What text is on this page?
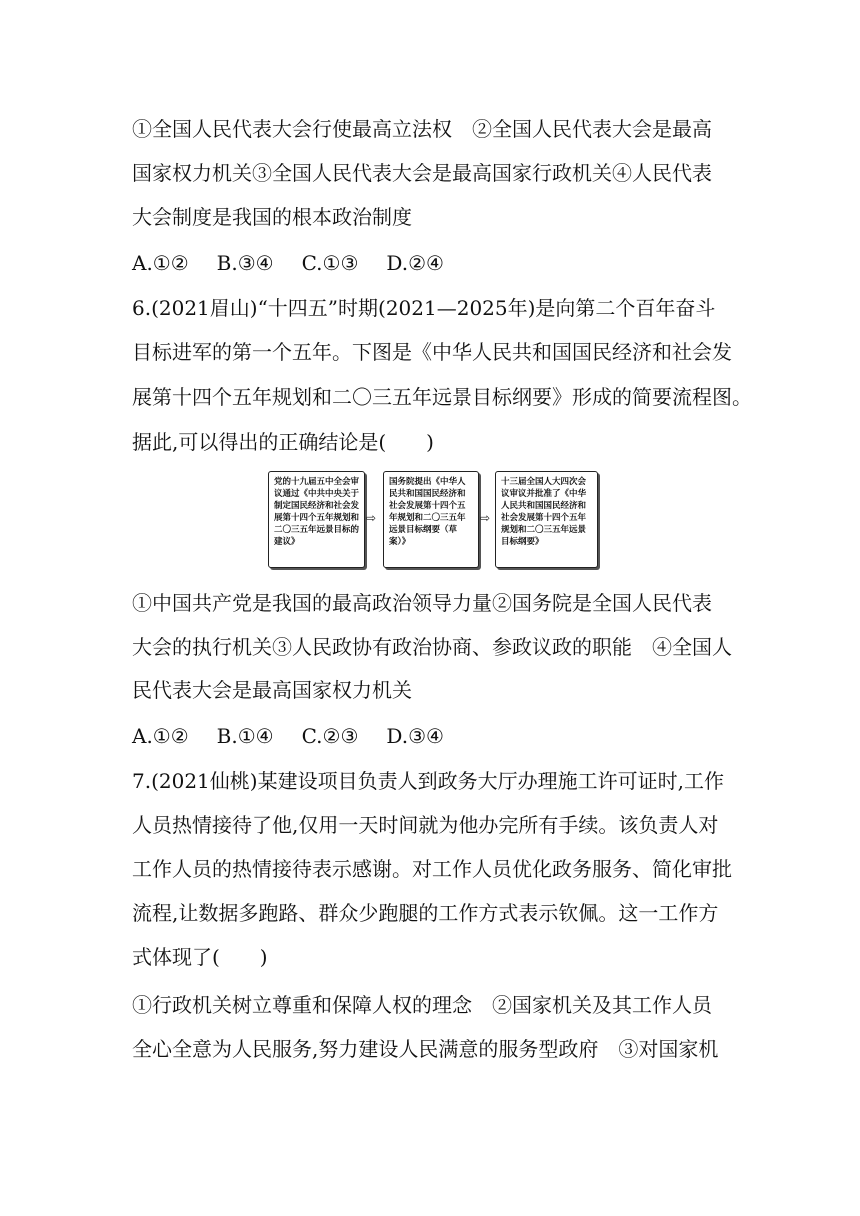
①全国人民代表大会行使最高立法权　②全国人民代表大会是最高
国家权力机关③全国人民代表大会是最高国家行政机关④人民代表
大会制度是我国的根本政治制度
A.①② B.③④ C.①③ D.②④
6.(2021眉山)“十四五”时期(2021—2025年)是向第二个百年奋斗
目标进军的第一个五年。下图是《中华人民共和国国民经济和社会发
展第十四个五年规划和二〇三五年远景目标纲要》形成的简要流程图。
据此,可以得出的正确结论是(　　)
党的十九届五中全会审议通过《中共中央关于制定国民经济和社会发展第十四个五年规划和二〇三五年远景目标的建议》
⇨
国务院提出《中华人民共和国国民经济和社会发展第十四个五年规划和二〇三五年远景目标纲要（草案）》
⇨
十三届全国人大四次会议审议并批准了《中华人民共和国国民经济和社会发展第十四个五年规划和二〇三五年远景目标纲要》
①中国共产党是我国的最高政治领导力量②国务院是全国人民代表
大会的执行机关③人民政协有政治协商、参政议政的职能　④全国人
民代表大会是最高国家权力机关
A.①② B.①④ C.②③ D.③④
7.(2021仙桃)某建设项目负责人到政务大厅办理施工许可证时,工作
人员热情接待了他,仅用一天时间就为他办完所有手续。该负责人对
工作人员的热情接待表示感谢。对工作人员优化政务服务、简化审批
流程,让数据多跑路、群众少跑腿的工作方式表示钦佩。这一工作方
式体现了(　　)
①行政机关树立尊重和保障人权的理念　②国家机关及其工作人员
全心全意为人民服务,努力建设人民满意的服务型政府　③对国家机
